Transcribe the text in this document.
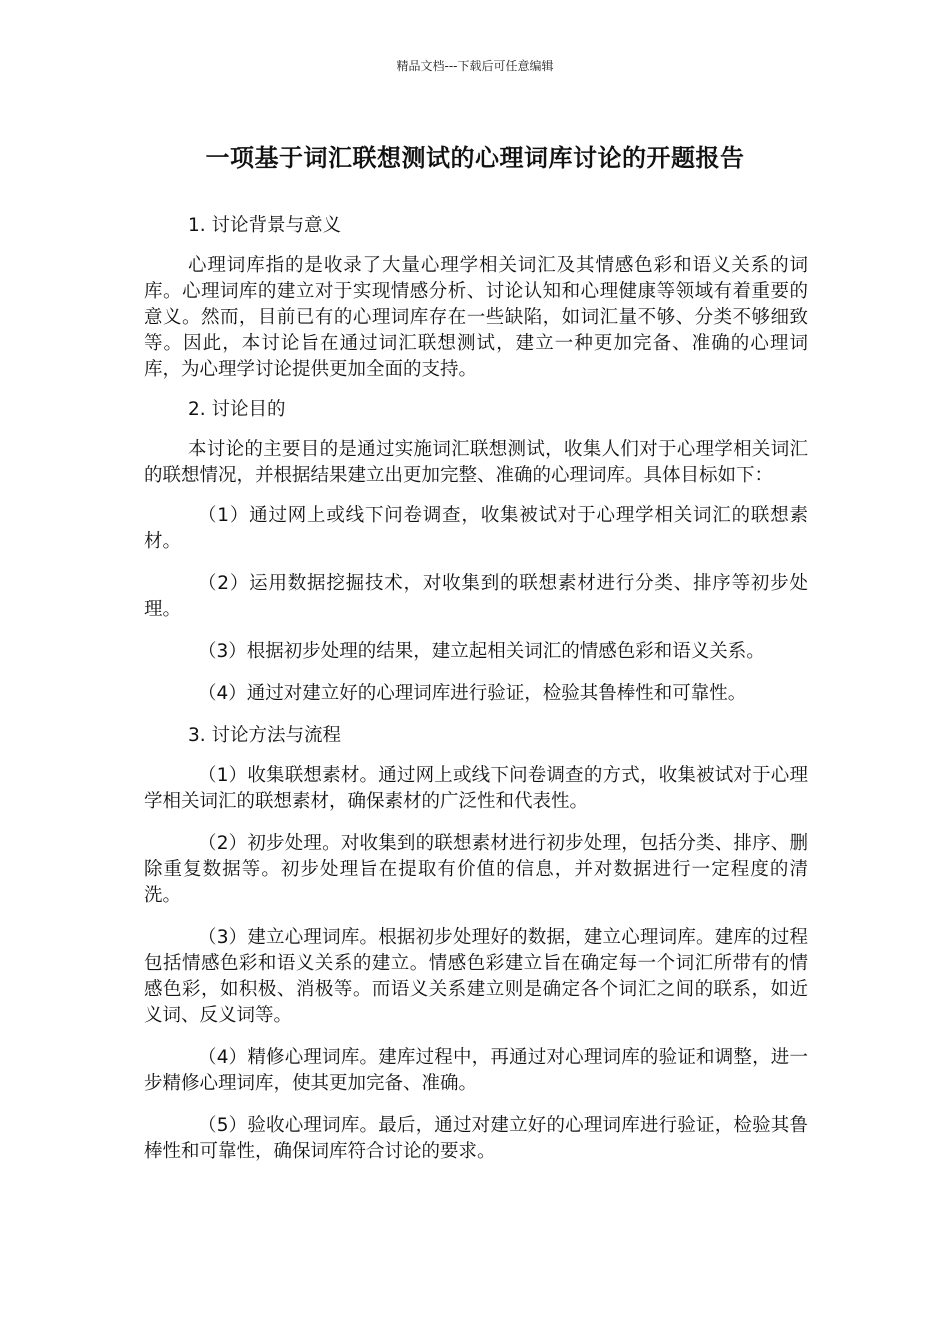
精品文档---下载后可任意编辑
一项基于词汇联想测试的心理词库讨论的开题报告
1. 讨论背景与意义

心理词库指的是收录了大量心理学相关词汇及其情感色彩和语义关系的词库。心理词库的建立对于实现情感分析、讨论认知和心理健康等领域有着重要的意义。然而，目前已有的心理词库存在一些缺陷，如词汇量不够、分类不够细致等。因此，本讨论旨在通过词汇联想测试，建立一种更加完备、准确的心理词库，为心理学讨论提供更加全面的支持。

2. 讨论目的

本讨论的主要目的是通过实施词汇联想测试，收集人们对于心理学相关词汇的联想情况，并根据结果建立出更加完整、准确的心理词库。具体目标如下：

（1）通过网上或线下问卷调查，收集被试对于心理学相关词汇的联想素材。

（2）运用数据挖掘技术，对收集到的联想素材进行分类、排序等初步处理。

（3）根据初步处理的结果，建立起相关词汇的情感色彩和语义关系。

（4）通过对建立好的心理词库进行验证，检验其鲁棒性和可靠性。

3. 讨论方法与流程

（1）收集联想素材。通过网上或线下问卷调查的方式，收集被试对于心理学相关词汇的联想素材，确保素材的广泛性和代表性。

（2）初步处理。对收集到的联想素材进行初步处理，包括分类、排序、删除重复数据等。初步处理旨在提取有价值的信息，并对数据进行一定程度的清洗。

（3）建立心理词库。根据初步处理好的数据，建立心理词库。建库的过程包括情感色彩和语义关系的建立。情感色彩建立旨在确定每一个词汇所带有的情感色彩，如积极、消极等。而语义关系建立则是确定各个词汇之间的联系，如近义词、反义词等。

（4）精修心理词库。建库过程中，再通过对心理词库的验证和调整，进一步精修心理词库，使其更加完备、准确。

（5）验收心理词库。最后，通过对建立好的心理词库进行验证，检验其鲁棒性和可靠性，确保词库符合讨论的要求。
